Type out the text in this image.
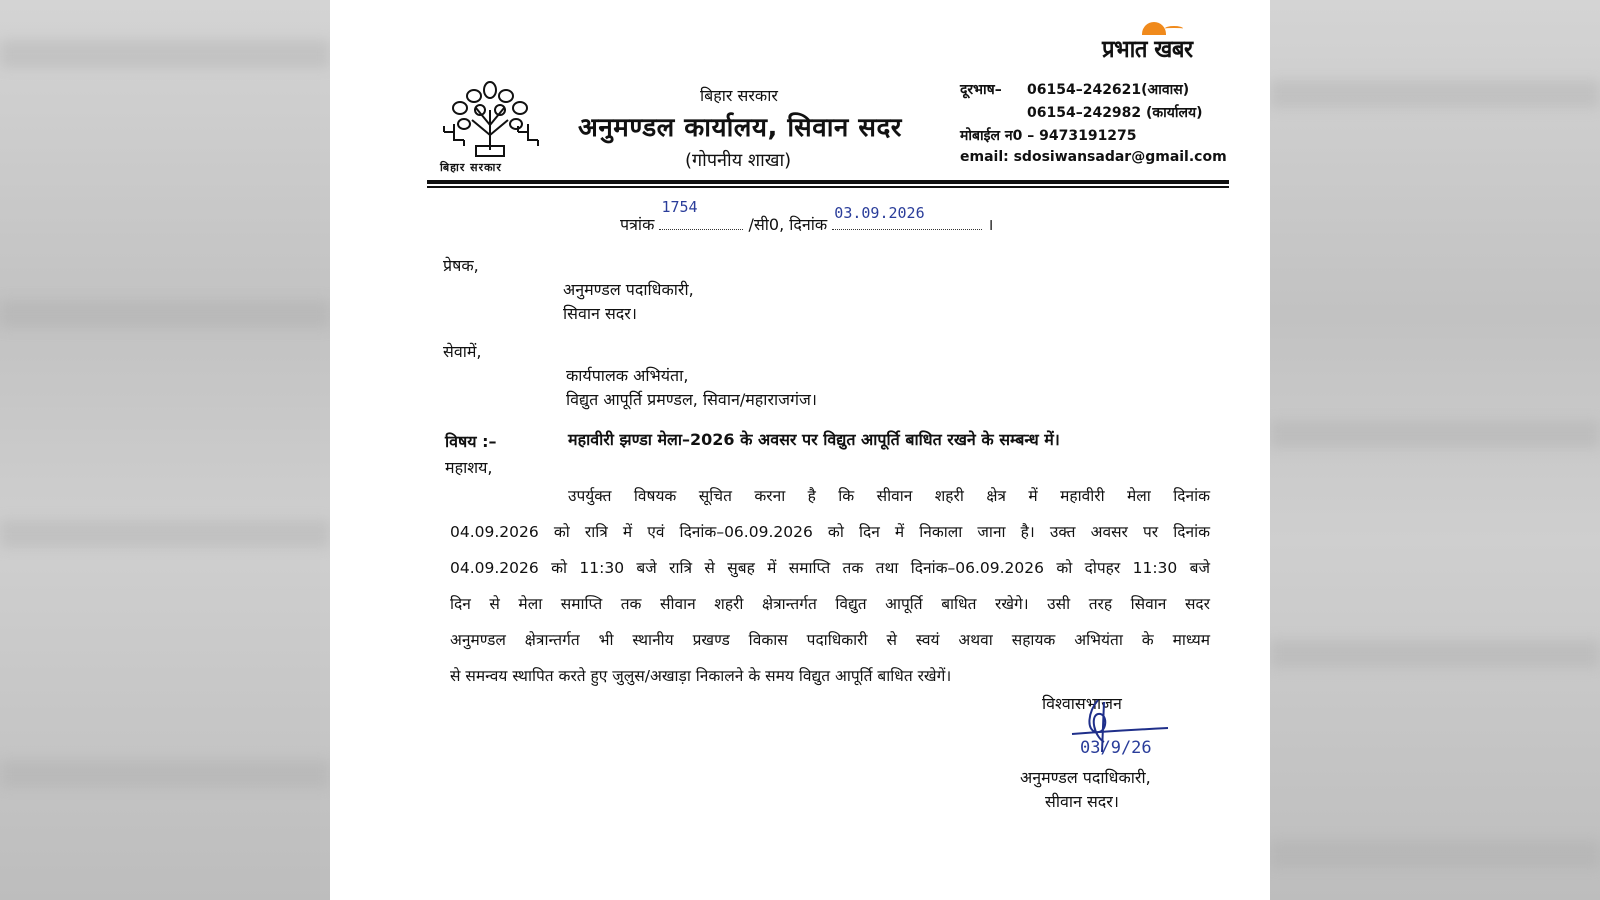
प्रभात खबर
बिहार सरकार
बिहार सरकार
अनुमण्डल कार्यालय, सिवान सदर
(गोपनीय शाखा)
दूरभाष– 06154–242621(आवास)
06154–242982 (कार्यालय)
मोबाईल न0 – 9473191275
email: sdosiwansadar@gmail.com
पत्रांक
1754
/सी0, दिनांक
03.09.2026
।
प्रेषक,
अनुमण्डल पदाधिकारी,
सिवान सदर।
सेवामें,
कार्यपालक अभियंता,
विद्युत आपूर्ति प्रमण्डल, सिवान/महाराजगंज।
विषय :–	महावीरी झण्डा मेला–2026 के अवसर पर विद्युत आपूर्ति बाधित रखने के सम्बन्ध में।
महाशय,
उपर्युक्त विषयक सूचित करना है कि सीवान शहरी क्षेत्र में महावीरी मेला दिनांक
04.09.2026 को रात्रि में एवं दिनांक–06.09.2026 को दिन में निकाला जाना है। उक्त अवसर पर दिनांक
04.09.2026 को 11:30 बजे रात्रि से सुबह में समाप्ति तक तथा दिनांक–06.09.2026 को दोपहर 11:30 बजे
दिन से मेला समाप्ति तक सीवान शहरी क्षेत्रान्तर्गत विद्युत आपूर्ति बाधित रखेगे। उसी तरह सिवान सदर
अनुमण्डल क्षेत्रान्तर्गत भी स्थानीय प्रखण्ड विकास पदाधिकारी से स्वयं अथवा सहायक अभियंता के माध्यम
से समन्वय स्थापित करते हुए जुलुस/अखाड़ा निकालने के समय विद्युत आपूर्ति बाधित रखेगें।
विश्वासभाजन
03/9/26
अनुमण्डल पदाधिकारी,
सीवान सदर।
